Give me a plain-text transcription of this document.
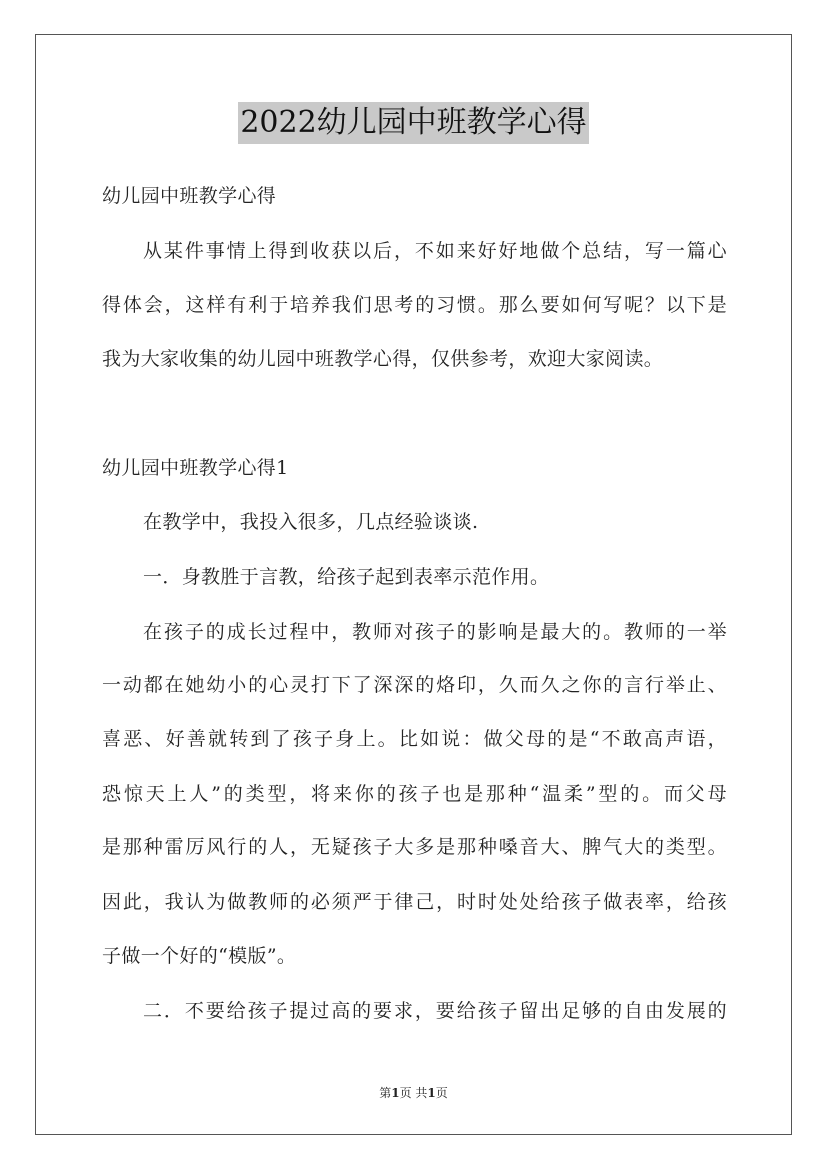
2022幼儿园中班教学心得
幼儿园中班教学心得
从某件事情上得到收获以后，不如来好好地做个总结，写一篇心
得体会，这样有利于培养我们思考的习惯。那么要如何写呢？以下是
我为大家收集的幼儿园中班教学心得，仅供参考，欢迎大家阅读。
幼儿园中班教学心得1
在教学中，我投入很多，几点经验谈谈.
一．身教胜于言教，给孩子起到表率示范作用。
在孩子的成长过程中，教师对孩子的影响是最大的。教师的一举
一动都在她幼小的心灵打下了深深的烙印，久而久之你的言行举止、
喜恶、好善就转到了孩子身上。比如说：做父母的是“不敢高声语，
恐惊天上人”的类型，将来你的孩子也是那种“温柔”型的。而父母
是那种雷厉风行的人，无疑孩子大多是那种嗓音大、脾气大的类型。
因此，我认为做教师的必须严于律己，时时处处给孩子做表率，给孩
子做一个好的“模版”。
二．不要给孩子提过高的要求，要给孩子留出足够的自由发展的
第1页 共1页
